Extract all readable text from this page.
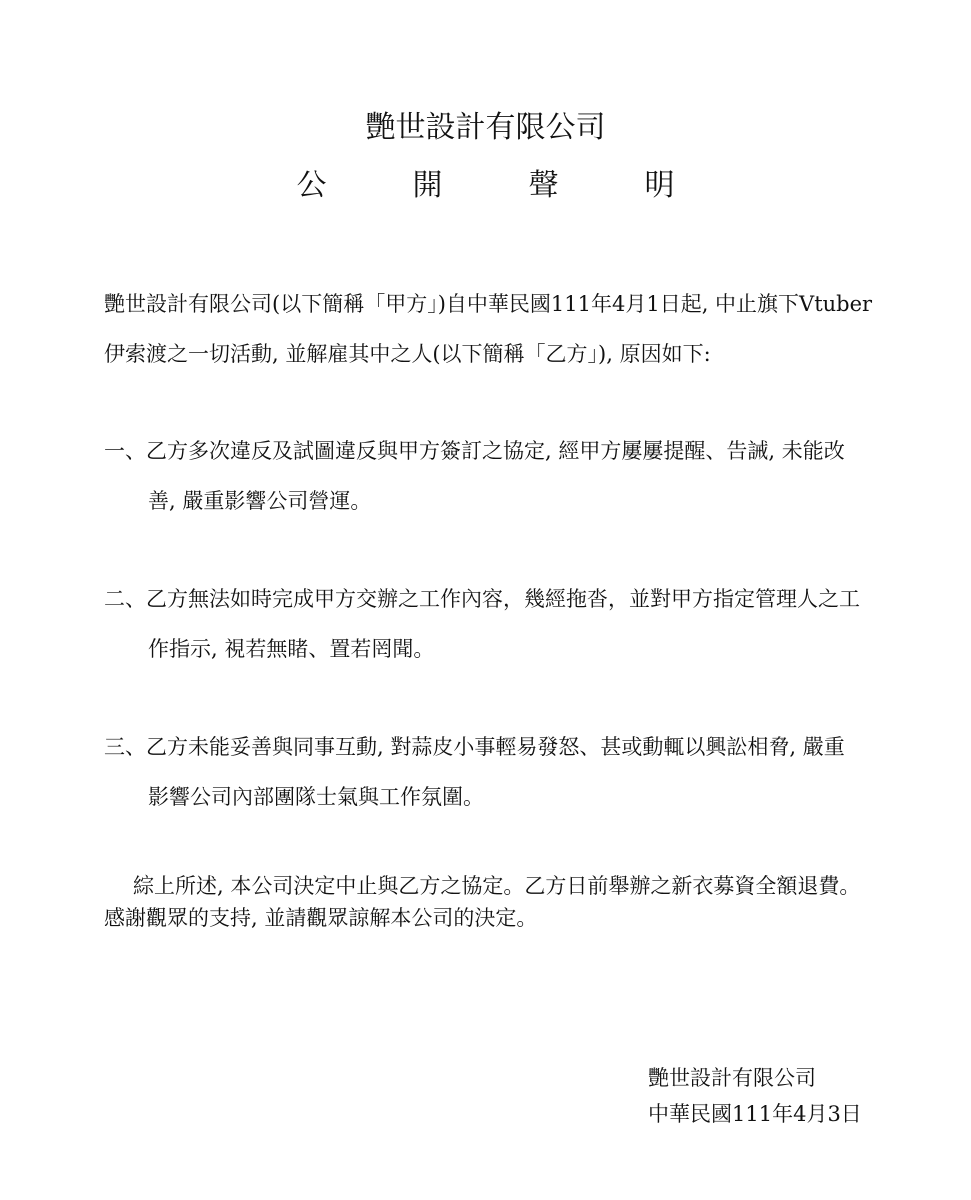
艷世設計有限公司
公　開　聲　明
艷世設計有限公司(以下簡稱「甲方」)自中華民國111年4月1日起, 中止旗下Vtuber
伊索渡之一切活動, 並解雇其中之人(以下簡稱「乙方」), 原因如下:
一、乙方多次違反及試圖違反與甲方簽訂之協定, 經甲方屢屢提醒、告誡, 未能改
善, 嚴重影響公司營運。
二、乙方無法如時完成甲方交辦之工作內容，幾經拖沓，並對甲方指定管理人之工
作指示, 視若無睹、置若罔聞。
三、乙方未能妥善與同事互動, 對蒜皮小事輕易發怒、甚或動輒以興訟相脅, 嚴重
影響公司內部團隊士氣與工作氛圍。
綜上所述, 本公司決定中止與乙方之協定。乙方日前舉辦之新衣募資全額退費。
感謝觀眾的支持, 並請觀眾諒解本公司的決定。
艷世設計有限公司
中華民國111年4月3日
